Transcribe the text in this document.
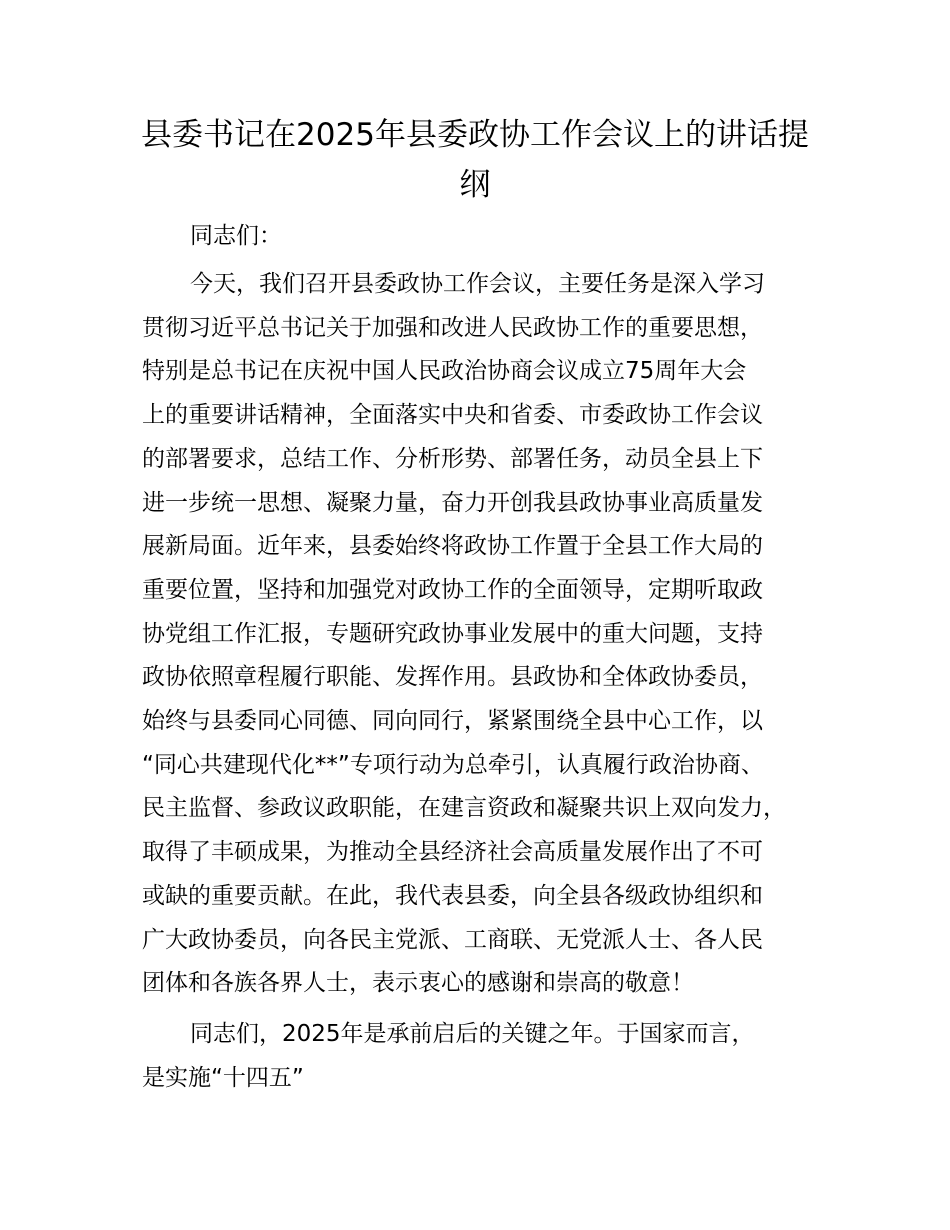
县委书记在2025年县委政协工作会议上的讲话提纲

同志们：

今天，我们召开县委政协工作会议，主要任务是深入学习
贯彻习近平总书记关于加强和改进人民政协工作的重要思想，
特别是总书记在庆祝中国人民政治协商会议成立75周年大会
上的重要讲话精神，全面落实中央和省委、市委政协工作会议
的部署要求，总结工作、分析形势、部署任务，动员全县上下
进一步统一思想、凝聚力量，奋力开创我县政协事业高质量发
展新局面。近年来，县委始终将政协工作置于全县工作大局的
重要位置，坚持和加强党对政协工作的全面领导，定期听取政
协党组工作汇报，专题研究政协事业发展中的重大问题，支持
政协依照章程履行职能、发挥作用。县政协和全体政协委员，
始终与县委同心同德、同向同行，紧紧围绕全县中心工作，以
“同心共建现代化**”专项行动为总牵引，认真履行政治协商、
民主监督、参政议政职能，在建言资政和凝聚共识上双向发力，
取得了丰硕成果，为推动全县经济社会高质量发展作出了不可
或缺的重要贡献。在此，我代表县委，向全县各级政协组织和
广大政协委员，向各民主党派、工商联、无党派人士、各人民
团体和各族各界人士，表示衷心的感谢和崇高的敬意！

同志们，2025年是承前启后的关键之年。于国家而言，
是实施“十四五”
